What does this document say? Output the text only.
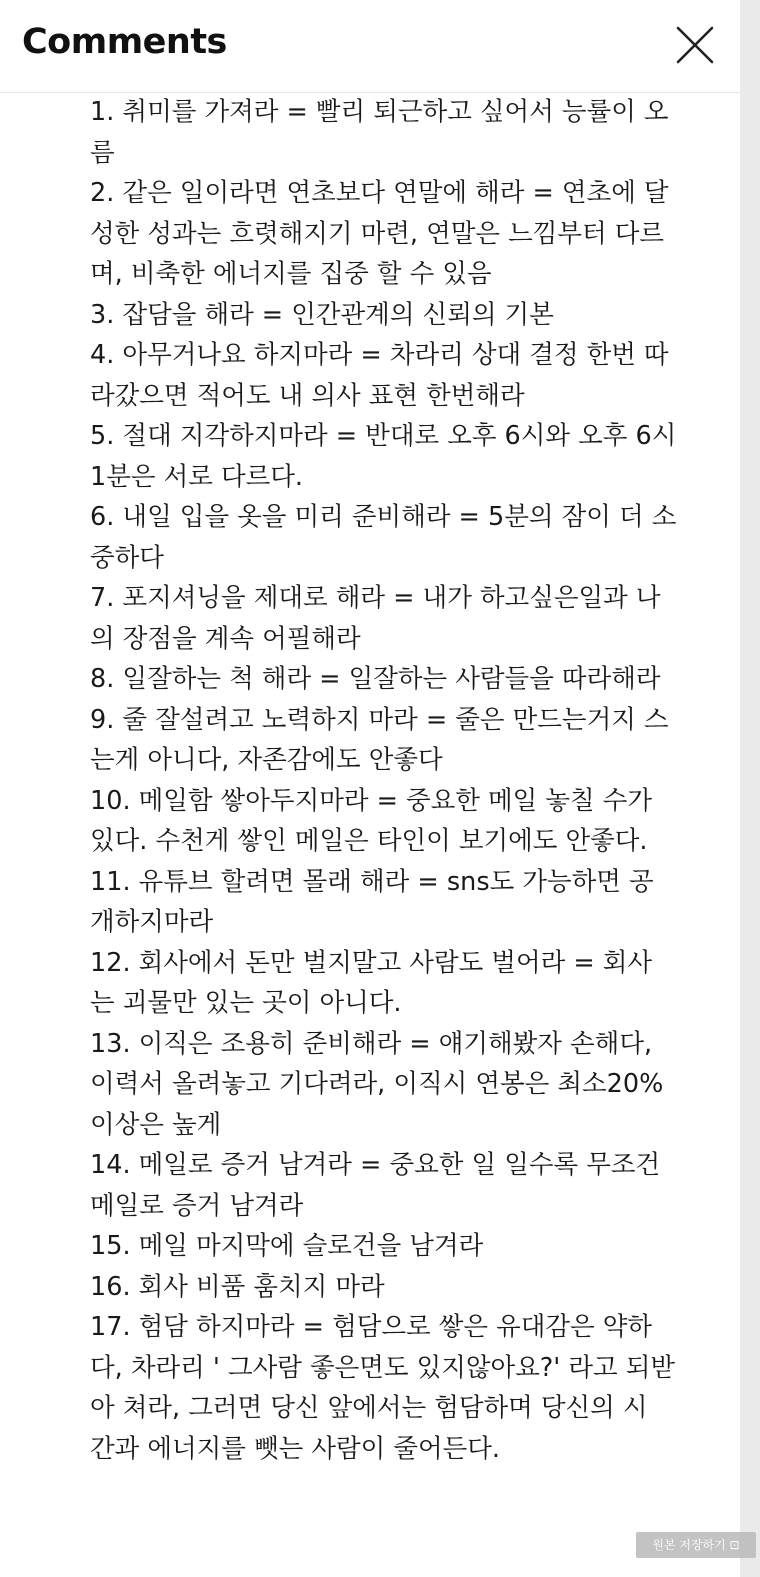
Comments
1. 취미를 가져라 = 빨리 퇴근하고 싶어서 능률이 오
름
2. 같은 일이라면 연초보다 연말에 해라 = 연초에 달
성한 성과는 흐렷해지기 마련, 연말은 느낌부터 다르
며, 비축한 에너지를 집중 할 수 있음
3. 잡담을 해라 = 인간관계의 신뢰의 기본
4. 아무거나요 하지마라 = 차라리 상대 결정 한번 따
라갔으면 적어도 내 의사 표현 한번해라
5. 절대 지각하지마라 = 반대로 오후 6시와 오후 6시
1분은 서로 다르다.
6. 내일 입을 옷을 미리 준비해라 = 5분의 잠이 더 소
중하다
7. 포지셔닝을 제대로 해라 = 내가 하고싶은일과 나
의 장점을 계속 어필해라
8. 일잘하는 척 해라 = 일잘하는 사람들을 따라해라
9. 줄 잘설려고 노력하지 마라 = 줄은 만드는거지 스
는게 아니다, 자존감에도 안좋다
10. 메일함 쌓아두지마라 = 중요한 메일 놓칠 수가
있다. 수천게 쌓인 메일은 타인이 보기에도 안좋다.
11. 유튜브 할려면 몰래 해라 = sns도 가능하면 공
개하지마라
12. 회사에서 돈만 벌지말고 사람도 벌어라 = 회사
는 괴물만 있는 곳이 아니다.
13. 이직은 조용히 준비해라 = 얘기해봤자 손해다,
이력서 올려놓고 기다려라, 이직시 연봉은 최소20%
이상은 높게
14. 메일로 증거 남겨라 = 중요한 일 일수록 무조건
메일로 증거 남겨라
15. 메일 마지막에 슬로건을 남겨라
16. 회사 비품 훔치지 마라
17. 험담 하지마라 = 험담으로 쌓은 유대감은 약하
다, 차라리 ' 그사람 좋은면도 있지않아요?' 라고 되받
아 쳐라, 그러면 당신 앞에서는 험담하며 당신의 시
간과 에너지를 뺏는 사람이 줄어든다.
원본 저장하기 ⊡
